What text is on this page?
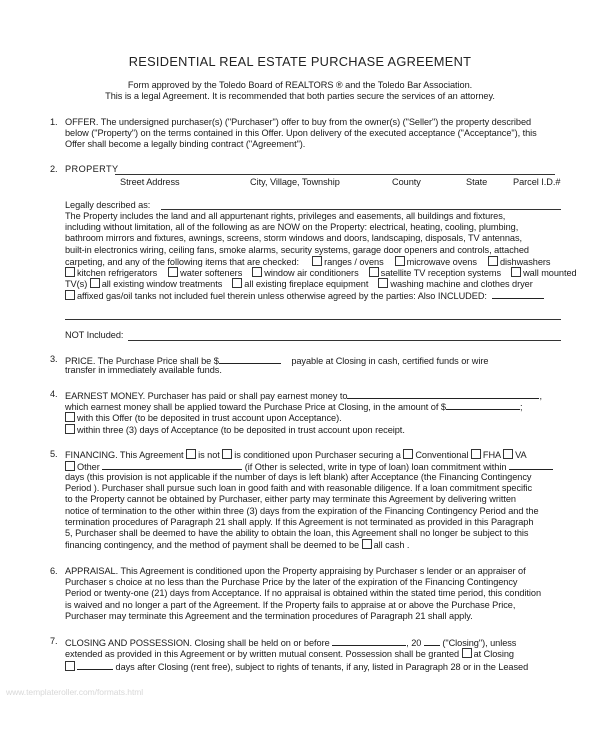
RESIDENTIAL REAL ESTATE PURCHASE AGREEMENT
Form approved by the Toledo Board of REALTORS ® and the Toledo Bar Association.
This is a legal Agreement. It is recommended that both parties secure the services of an attorney.
1. OFFER. The undersigned purchaser(s) ("Purchaser") offer to buy from the owner(s) ("Seller") the property described
below ("Property") on the terms contained in this Offer. Upon delivery of the executed acceptance ("Acceptance"), this
Offer shall become a legally binding contract ("Agreement").
2. PROPERTY
Street Address	City, Village, Township	County	State	Parcel I.D.#
Legally described as:
The Property includes the land and all appurtenant rights, privileges and easements, all buildings and fixtures,
including without limitation, all of the following as are NOW on the Property: electrical, heating, cooling, plumbing,
bathroom mirrors and fixtures, awnings, screens, storm windows and doors, landscaping, disposals, TV antennas,
built-in electronics wiring, ceiling fans, smoke alarms, security systems, garage door openers and controls, attached
carpeting, and any of the following items that are checked:	ranges / ovens	microwave ovens	dishwashers
kitchen refrigerators	water softeners window air conditioners satellite TV reception systems wall mounted
TV(s) all existing window treatments all existing fireplace equipment washing machine and clothes dryer
affixed gas/oil tanks not included fuel therein unless otherwise agreed by the parties: Also INCLUDED:
NOT Included:
3. PRICE. The Purchase Price shall be $	payable at Closing in cash, certified funds or wire
transfer in immediately available funds.
4. EARNEST MONEY. Purchaser has paid or shall pay earnest money to	,
which earnest money shall be applied toward the Purchase Price at Closing, in the amount of $	;
with this Offer (to be deposited in trust account upon Acceptance).
within three (3) days of Acceptance (to be deposited in trust account upon receipt.
5. FINANCING. This Agreement is not is conditioned upon Purchaser securing a Conventional FHA VA
Other	(if Other is selected, write in type of loan) loan commitment within
days (this provision is not applicable if the number of days is left blank) after Acceptance (the Financing Contingency
Period ). Purchaser shall pursue such loan in good faith and with reasonable diligence. If a loan commitment specific
to the Property cannot be obtained by Purchaser, either party may terminate this Agreement by delivering written
notice of termination to the other within three (3) days from the expiration of the Financing Contingency Period and the
termination procedures of Paragraph 21 shall apply. If this Agreement is not terminated as provided in this Paragraph
5, Purchaser shall be deemed to have the ability to obtain the loan, this Agreement shall no longer be subject to this
financing contingency, and the method of payment shall be deemed to be all cash .
6. APPRAISAL. This Agreement is conditioned upon the Property appraising by Purchaser s lender or an appraiser of
Purchaser s choice at no less than the Purchase Price by the later of the expiration of the Financing Contingency
Period or twenty-one (21) days from Acceptance. If no appraisal is obtained within the stated time period, this condition
is waived and no longer a part of the Agreement. If the Property fails to appraise at or above the Purchase Price,
Purchaser may terminate this Agreement and the termination procedures of Paragraph 21 shall apply.
7. CLOSING AND POSSESSION. Closing shall be held on or before	, 20 ("Closing"), unless
extended as provided in this Agreement or by written mutual consent. Possession shall be granted at Closing
days after Closing (rent free), subject to rights of tenants, if any, listed in Paragraph 28 or in the Leased
www.templateroller.com/formats.html
